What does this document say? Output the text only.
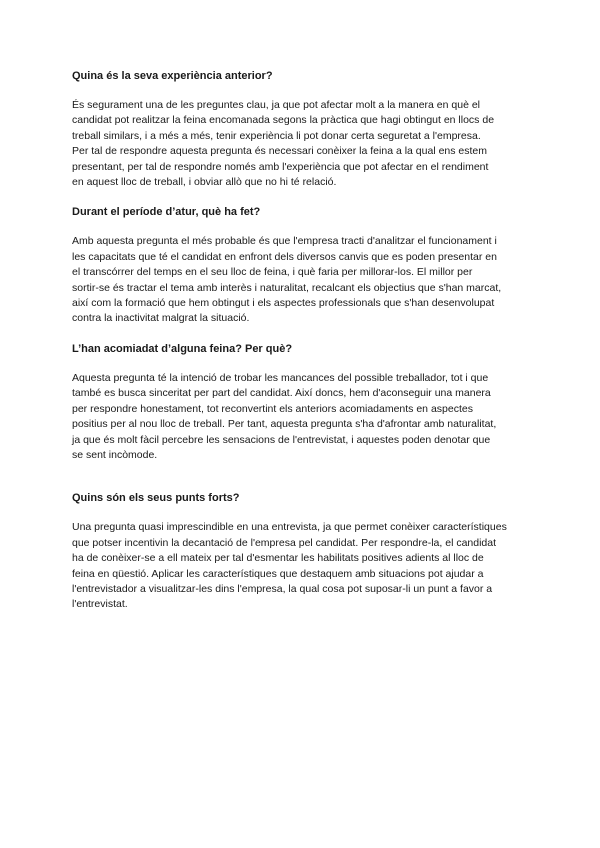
Quina és la seva experiència anterior?

És segurament una de les preguntes clau, ja que pot afectar molt a la manera en què el
candidat pot realitzar la feina encomanada segons la pràctica que hagi obtingut en llocs de
treball similars, i a més a més, tenir experiència li pot donar certa seguretat a l'empresa.
Per tal de respondre aquesta pregunta és necessari conèixer la feina a la qual ens estem
presentant, per tal de respondre només amb l'experiència que pot afectar en el rendiment
en aquest lloc de treball, i obviar allò que no hi té relació.

Durant el període d’atur, què ha fet?

Amb aquesta pregunta el més probable és que l'empresa tracti d'analitzar el funcionament i
les capacitats que té el candidat en enfront dels diversos canvis que es poden presentar en
el transcórrer del temps en el seu lloc de feina, i què faria per millorar-los. El millor per
sortir-se és tractar el tema amb interès i naturalitat, recalcant els objectius que s'han marcat,
així com la formació que hem obtingut i els aspectes professionals que s'han desenvolupat
contra la inactivitat malgrat la situació.

L’han acomiadat d’alguna feina? Per què?

Aquesta pregunta té la intenció de trobar les mancances del possible treballador, tot i que
també es busca sinceritat per part del candidat. Així doncs, hem d'aconseguir una manera
per respondre honestament, tot reconvertint els anteriors acomiadaments en aspectes
positius per al nou lloc de treball. Per tant, aquesta pregunta s'ha d'afrontar amb naturalitat,
ja que és molt fàcil percebre les sensacions de l'entrevistat, i aquestes poden denotar que
se sent incòmode.

Quins són els seus punts forts?

Una pregunta quasi imprescindible en una entrevista, ja que permet conèixer característiques
que potser incentivin la decantació de l'empresa pel candidat. Per respondre-la, el candidat
ha de conèixer-se a ell mateix per tal d'esmentar les habilitats positives adients al lloc de
feina en qüestió. Aplicar les característiques que destaquem amb situacions pot ajudar a
l'entrevistador a visualitzar-les dins l'empresa, la qual cosa pot suposar-li un punt a favor a
l'entrevistat.
